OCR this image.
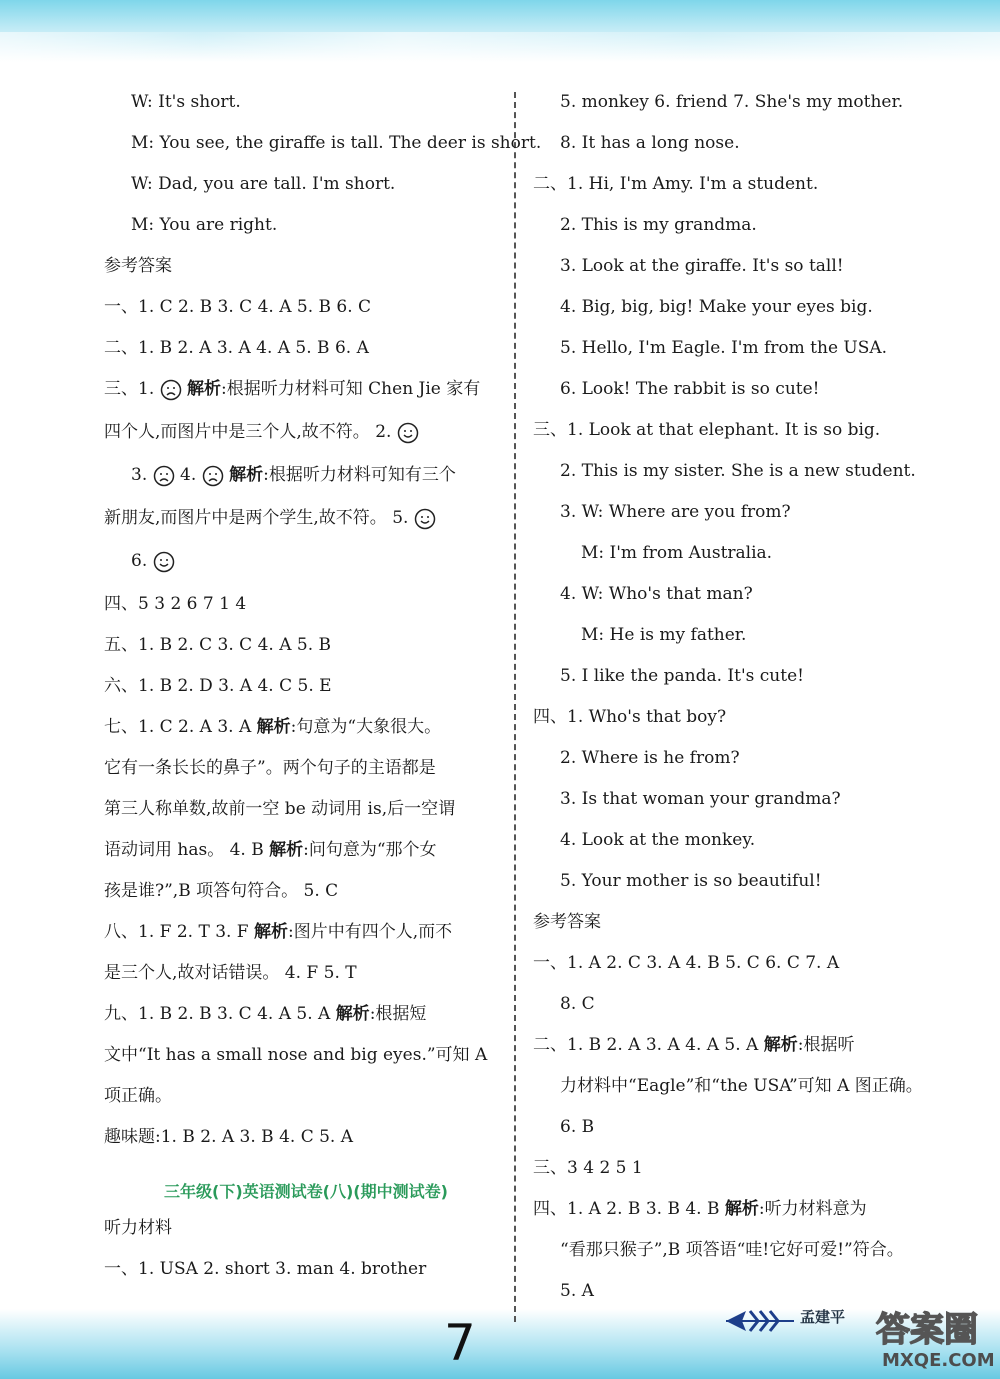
W: It's short.
M: You see, the giraffe is tall. The deer is short.
W: Dad, you are tall. I'm short.
M: You are right.
参考答案
一、1. C 2. B 3. C 4. A 5. B 6. C
二、1. B 2. A 3. A 4. A 5. B 6. A
三、1. 解析:根据听力材料可知 Chen Jie 家有
四个人,而图片中是三个人,故不符。 2.
3. 4. 解析:根据听力材料可知有三个
新朋友,而图片中是两个学生,故不符。 5.
6.
四、5 3 2 6 7 1 4
五、1. B 2. C 3. C 4. A 5. B
六、1. B 2. D 3. A 4. C 5. E
七、1. C 2. A 3. A 解析:句意为“大象很大。
它有一条长长的鼻子”。两个句子的主语都是
第三人称单数,故前一空 be 动词用 is,后一空谓
语动词用 has。 4. B 解析:问句意为“那个女
孩是谁?”,B 项答句符合。 5. C
八、1. F 2. T 3. F 解析:图片中有四个人,而不
是三个人,故对话错误。 4. F 5. T
九、1. B 2. B 3. C 4. A 5. A 解析:根据短
文中“It has a small nose and big eyes.”可知 A
项正确。
趣味题:1. B 2. A 3. B 4. C 5. A
三年级(下)英语测试卷(八)(期中测试卷)
听力材料
一、1. USA 2. short 3. man 4. brother
5. monkey 6. friend 7. She's my mother.
8. It has a long nose.
二、1. Hi, I'm Amy. I'm a student.
2. This is my grandma.
3. Look at the giraffe. It's so tall!
4. Big, big, big! Make your eyes big.
5. Hello, I'm Eagle. I'm from the USA.
6. Look! The rabbit is so cute!
三、1. Look at that elephant. It is so big.
2. This is my sister. She is a new student.
3. W: Where are you from?
M: I'm from Australia.
4. W: Who's that man?
M: He is my father.
5. I like the panda. It's cute!
四、1. Who's that boy?
2. Where is he from?
3. Is that woman your grandma?
4. Look at the monkey.
5. Your mother is so beautiful!
参考答案
一、1. A 2. C 3. A 4. B 5. C 6. C 7. A
8. C
二、1. B 2. A 3. A 4. A 5. A 解析:根据听
力材料中“Eagle”和“the USA”可知 A 图正确。
6. B
三、3 4 2 5 1
四、1. A 2. B 3. B 4. B 解析:听力材料意为
“看那只猴子”,B 项答语“哇!它好可爱!”符合。
5. A
7	孟建平 答案圈
MXQE.COM
